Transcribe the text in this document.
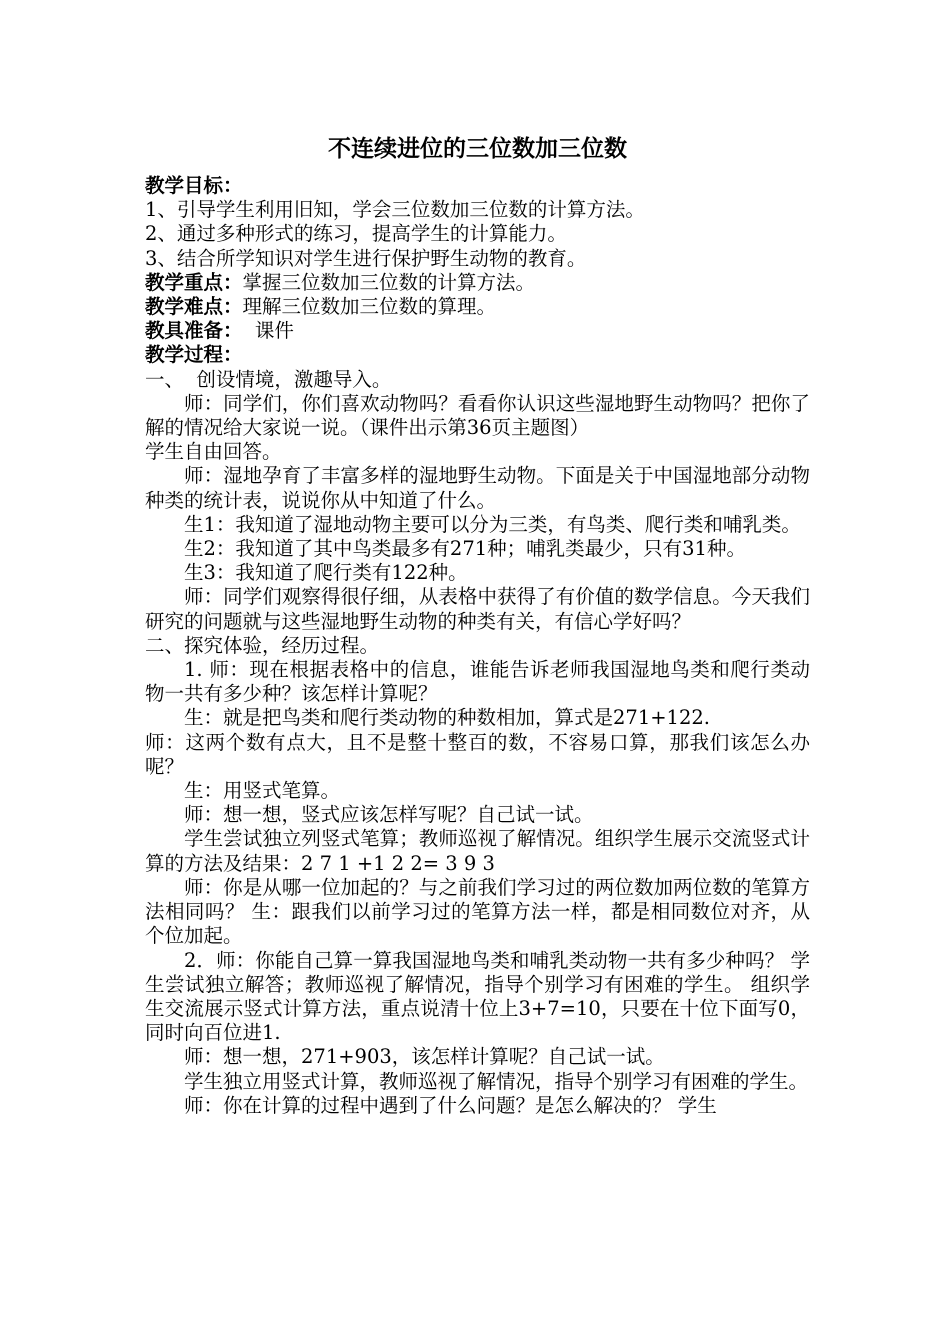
不连续进位的三位数加三位数

教学目标：

1、引导学生利用旧知，学会三位数加三位数的计算方法。

2、通过多种形式的练习，提高学生的计算能力。

3、结合所学知识对学生进行保护野生动物的教育。

教学重点：掌握三位数加三位数的计算方法。

教学难点：理解三位数加三位数的算理。

教具准备：  课件

教学过程：

一、  创设情境，激趣导入。

师：同学们，你们喜欢动物吗？看看你认识这些湿地野生动物吗？把你了解的情况给大家说一说。（课件出示第36页主题图）

学生自由回答。

师：湿地孕育了丰富多样的湿地野生动物。下面是关于中国湿地部分动物种类的统计表，说说你从中知道了什么。

生1：我知道了湿地动物主要可以分为三类，有鸟类、爬行类和哺乳类。

生2：我知道了其中鸟类最多有271种；哺乳类最少，只有31种。

生3：我知道了爬行类有122种。

师：同学们观察得很仔细，从表格中获得了有价值的数学信息。今天我们研究的问题就与这些湿地野生动物的种类有关，有信心学好吗？

二、探究体验，经历过程。

1. 师：现在根据表格中的信息，谁能告诉老师我国湿地鸟类和爬行类动物一共有多少种？该怎样计算呢？

生：就是把鸟类和爬行类动物的种数相加，算式是271+122.

师：这两个数有点大，且不是整十整百的数，不容易口算，那我们该怎么办呢？

生：用竖式笔算。

师：想一想，竖式应该怎样写呢？自己试一试。

学生尝试独立列竖式笔算；教师巡视了解情况。组织学生展示交流竖式计算的方法及结果：2 7 1 +1 2 2= 3 9 3

师：你是从哪一位加起的？与之前我们学习过的两位数加两位数的笔算方法相同吗？ 生：跟我们以前学习过的笔算方法一样，都是相同数位对齐，从个位加起。

2．师：你能自己算一算我国湿地鸟类和哺乳类动物一共有多少种吗？ 学生尝试独立解答；教师巡视了解情况，指导个别学习有困难的学生。 组织学生交流展示竖式计算方法，重点说清十位上3+7=10，只要在十位下面写0，同时向百位进1.

师：想一想，271+903，该怎样计算呢？自己试一试。

学生独立用竖式计算，教师巡视了解情况，指导个别学习有困难的学生。

师：你在计算的过程中遇到了什么问题？是怎么解决的？ 学生
